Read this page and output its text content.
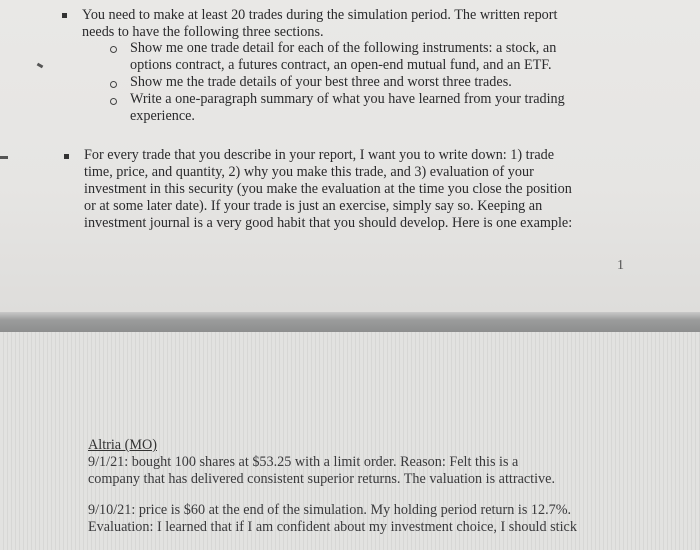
You need to make at least 20 trades during the simulation period. The written report
needs to have the following three sections.
Show me one trade detail for each of the following instruments: a stock, an
options contract, a futures contract, an open-end mutual fund, and an ETF.
Show me the trade details of your best three and worst three trades.
Write a one-paragraph summary of what you have learned from your trading
experience.
For every trade that you describe in your report, I want you to write down: 1) trade
time, price, and quantity, 2) why you make this trade, and 3) evaluation of your
investment in this security (you make the evaluation at the time you close the position
or at some later date). If your trade is just an exercise, simply say so. Keeping an
investment journal is a very good habit that you should develop. Here is one example:
1
Altria (MO)
9/1/21: bought 100 shares at $53.25 with a limit order. Reason: Felt this is a
company that has delivered consistent superior returns. The valuation is attractive.
9/10/21: price is $60 at the end of the simulation. My holding period return is 12.7%.
Evaluation: I learned that if I am confident about my investment choice, I should stick
